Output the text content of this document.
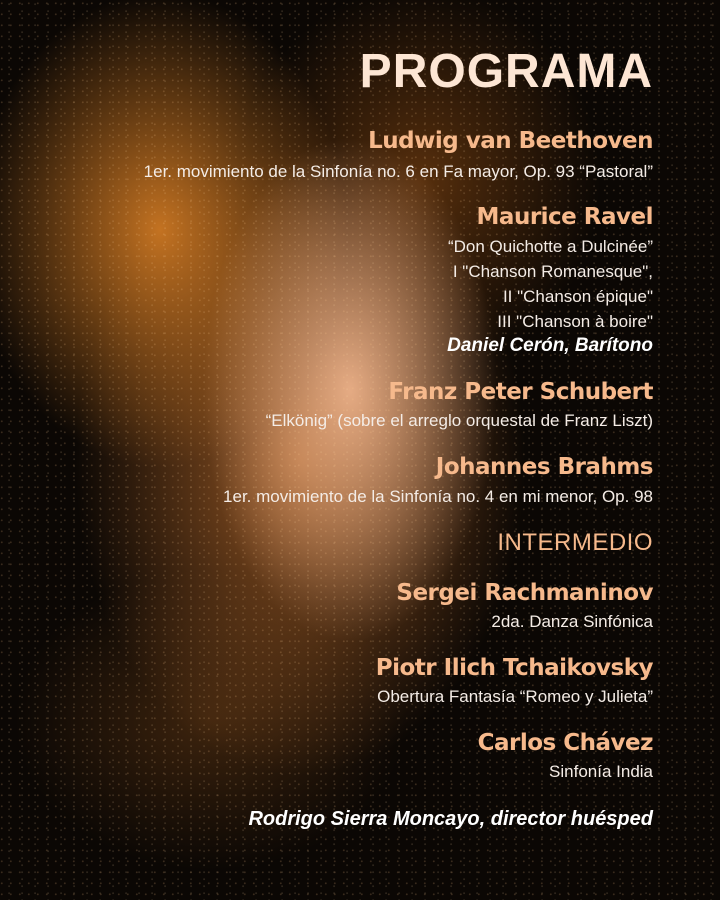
PROGRAMA
Ludwig van Beethoven
1er. movimiento de la Sinfonía no. 6 en Fa mayor, Op. 93 “Pastoral”
Maurice Ravel
“Don Quichotte a Dulcinée”
I "Chanson Romanesque",
II "Chanson épique"
III "Chanson à boire"
Daniel Cerón, Barítono
Franz Peter Schubert
“Elkönig” (sobre el arreglo orquestal de Franz Liszt)
Johannes Brahms
1er. movimiento de la Sinfonía no. 4 en mi menor, Op. 98
INTERMEDIO
Sergei Rachmaninov
2da. Danza Sinfónica
Piotr Ilich Tchaikovsky
Obertura Fantasía “Romeo y Julieta”
Carlos Chávez
Sinfonía India
Rodrigo Sierra Moncayo, director huésped
